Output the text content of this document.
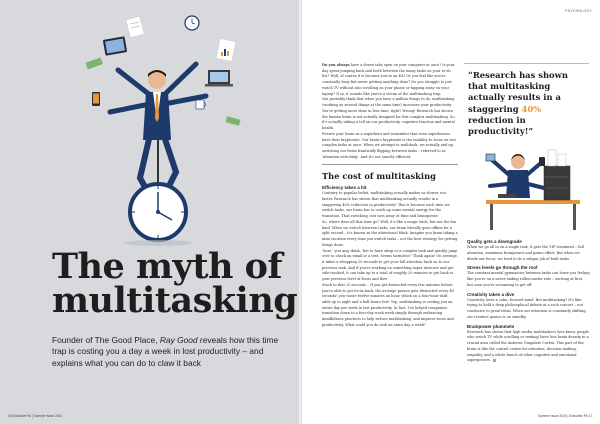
The myth of
multitasking
Founder of The Good Place, Ray Good reveals how this time trap is costing you a day a week in lost productivity – and explains what you can do to claw it back
16 Executive PA | Summer Issue 2024
PSYCHOLOGY
Summer Issue 2024 | Executive PA 17

Do you always have a dozen tabs open on your computer at once? Is your day spent jumping back and forth between the many tasks on your to-do list? Well, of course it is because you're an EA! Or you feel like you're constantly busy but never getting anything done? Do you struggle to just watch TV without also scrolling on your phone or tapping away on your laptop? If so, it sounds like you're a victim of the multitasking trap.

You probably think that when you have a million things to do, multitasking (working on several things at the same time) increases your productivity. You're getting more done in less time, right? Wrong! Research has shown the human brain is not actually designed for this complex multitasking. So, it's actually taking a toll on our productivity, cognitive function and mental health.

Picture your brain as a superhero and remember that even superheroes have their kryptonite. Our brain's kryptonite is the inability to focus on two complex tasks at once. When we attempt to multitask, we actually end up switching our brain frantically flipping between tasks – referred to as 'attention switching'. And it's not exactly efficient.

The cost of multitasking
Efficiency takes a hit

Contrary to popular belief, multitasking actually makes us slower, not faster. Research has shown that multitasking actually results in a staggering 40% reduction in productivity! This is because each time we switch tasks, our brain has to catch up some mental energy for the transition. That switching cost eats away at time and brainpower.

So, where does all that time go? Well, it's like a magic trick, but not the fun kind. When we switch between tasks, our brain literally goes offline for a split second – it's known as the attentional blink. Imagine you brain taking a mini vacation every time you switch tasks – not the best strategy for getting things done.

'Sure,' you may think, 'but to have sleep or a complex task and quickly jump over to check an email or a text. Seems harmless!' Think again! On average, it takes a whopping 20 seconds to get your full attention back on to our previous task. And if you're working on something super intricate and get side-tracked, it can take up to a total of roughly 20 minutes to get back to your previous level of focus and flow.

Stack to that 20 seconds... If you get distracted every few minutes before you're able to get focus back, the average person gets distracted every 40 seconds! you waste twelve minutes an hour, which on a four-hour shift, adds up to eight and a half hours lost! Yep, multitasking is costing you an entire day per week in lost productivity. In fact, I've helped companies transition down to a four-day work week simply through embracing mindfulness practices to help reduce multitasking, and improve focus and productivity. What could you do with an extra day a week?

“Research has shown that multitasking actually results in a staggering 40% reduction in productivity!”
Quality gets a downgrade
When we go all in on a single task, it gets the VIP treatment – full attention, maximum brainpower and primo effort. But when we divide our focus, we tend to do a subpar job of both tasks.
Stress levels go through the roof
The constant mental gymnastics between tasks can leave you feeling like you're on a never-ending rollercoaster ride – exciting at first, but soon you're screaming to get off.
Creativity takes a dive
Creativity loves a calm, focused mind. But multitasking? It's like trying to hold a deep philosophical debate at a rock concert – not conducive to great ideas. When our attention is constantly shifting, our creative genius is on standby.
Brainpower plummets
Research has shown that high media multitaskers (you know, people who watch TV while scrolling or texting) have less brain density in a crucial area called the Anterior Cingulate Cortex. This part of the brain is like the control centre for attention, decision-making, empathy, and a whole bunch of other cognitive and emotional superpowers.
